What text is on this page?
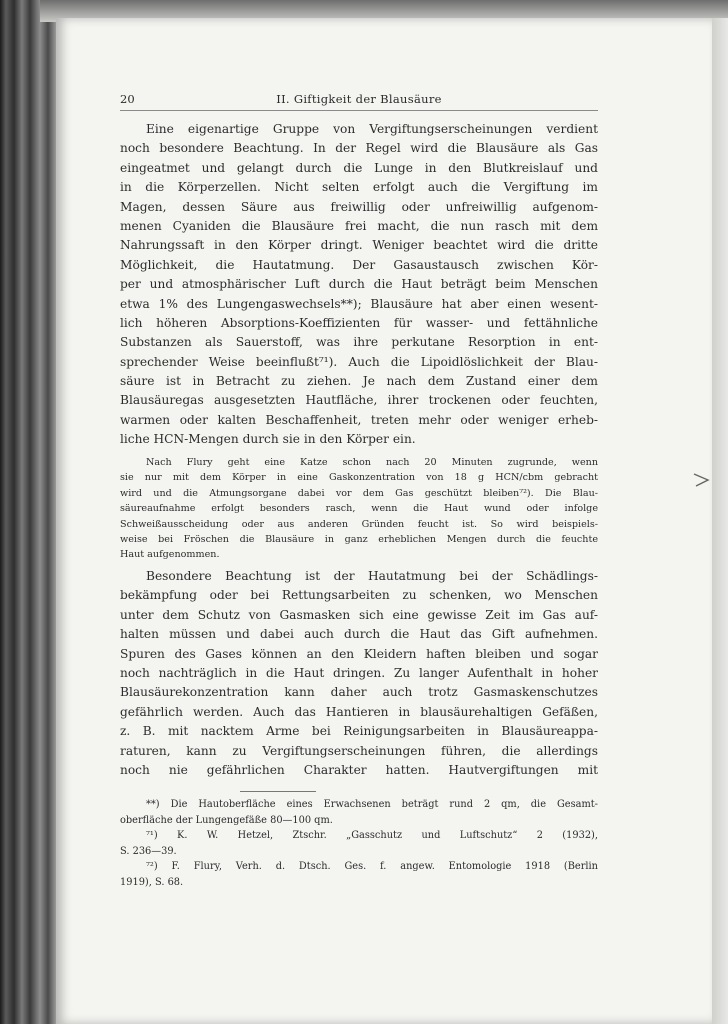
20	II. Giftigkeit der Blausäure
Eine eigenartige Gruppe von Vergiftungserscheinungen verdient
noch besondere Beachtung. In der Regel wird die Blausäure als Gas
eingeatmet und gelangt durch die Lunge in den Blutkreislauf und
in die Körperzellen. Nicht selten erfolgt auch die Vergiftung im
Magen, dessen Säure aus freiwillig oder unfreiwillig aufgenom-
menen Cyaniden die Blausäure frei macht, die nun rasch mit dem
Nahrungssaft in den Körper dringt. Weniger beachtet wird die dritte
Möglichkeit, die Hautatmung. Der Gasaustausch zwischen Kör-
per und atmosphärischer Luft durch die Haut beträgt beim Menschen
etwa 1% des Lungengaswechsels**); Blausäure hat aber einen wesent-
lich höheren Absorptions-Koeffizienten für wasser- und fettähnliche
Substanzen als Sauerstoff, was ihre perkutane Resorption in ent-
sprechender Weise beeinflußt⁷¹). Auch die Lipoidlöslichkeit der Blau-
säure ist in Betracht zu ziehen. Je nach dem Zustand einer dem
Blausäuregas ausgesetzten Hautfläche, ihrer trockenen oder feuchten,
warmen oder kalten Beschaffenheit, treten mehr oder weniger erheb-
liche HCN-Mengen durch sie in den Körper ein.
Nach Flury geht eine Katze schon nach 20 Minuten zugrunde, wenn
sie nur mit dem Körper in eine Gaskonzentration von 18 g HCN/cbm gebracht
wird und die Atmungsorgane dabei vor dem Gas geschützt bleiben⁷²). Die Blau-
säureaufnahme erfolgt besonders rasch, wenn die Haut wund oder infolge
Schweißausscheidung oder aus anderen Gründen feucht ist. So wird beispiels-
weise bei Fröschen die Blausäure in ganz erheblichen Mengen durch die feuchte
Haut aufgenommen.
Besondere Beachtung ist der Hautatmung bei der Schädlings-
bekämpfung oder bei Rettungsarbeiten zu schenken, wo Menschen
unter dem Schutz von Gasmasken sich eine gewisse Zeit im Gas auf-
halten müssen und dabei auch durch die Haut das Gift aufnehmen.
Spuren des Gases können an den Kleidern haften bleiben und sogar
noch nachträglich in die Haut dringen. Zu langer Aufenthalt in hoher
Blausäurekonzentration kann daher auch trotz Gasmaskenschutzes
gefährlich werden. Auch das Hantieren in blausäurehaltigen Gefäßen,
z. B. mit nacktem Arme bei Reinigungsarbeiten in Blausäureappa-
raturen, kann zu Vergiftungserscheinungen führen, die allerdings
noch nie gefährlichen Charakter hatten. Hautvergiftungen mit
**) Die Hautoberfläche eines Erwachsenen beträgt rund 2 qm, die Gesamt-
oberfläche der Lungengefäße 80—100 qm.
⁷¹) K. W. Hetzel, Ztschr. „Gasschutz und Luftschutz“ 2 (1932),
S. 236—39.
⁷²) F. Flury, Verh. d. Dtsch. Ges. f. angew. Entomologie 1918 (Berlin
1919), S. 68.
